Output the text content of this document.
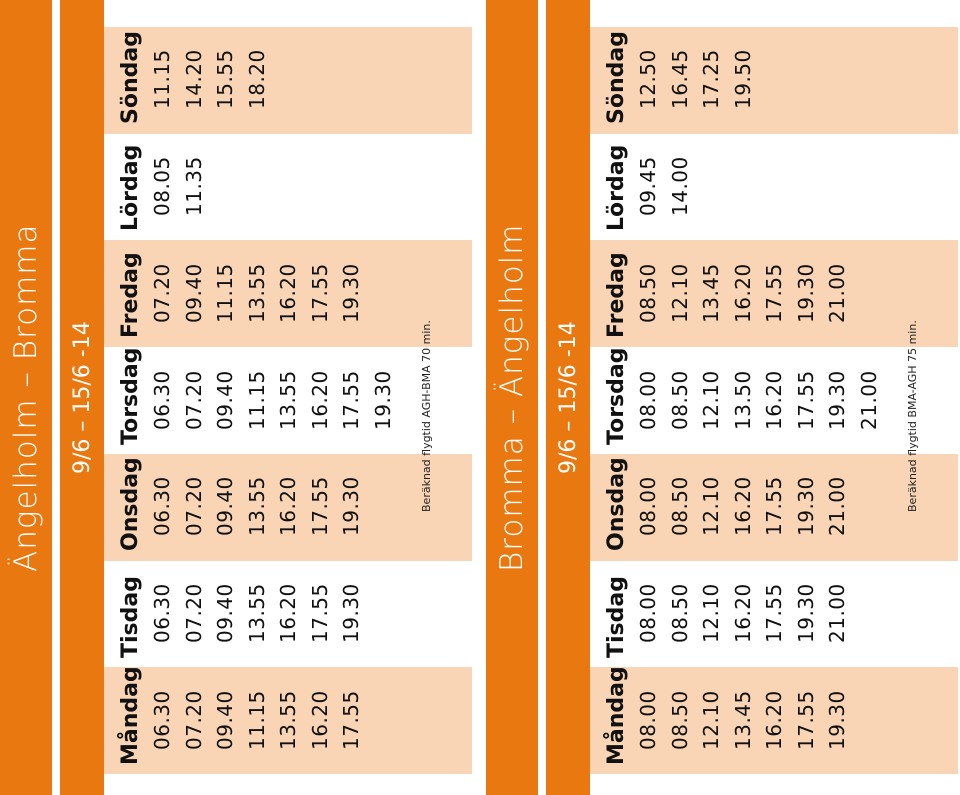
Ängelholm – Bromma 9/6 – 15/6 -14
Måndag 06.30 07.20 09.40 11.15 13.55 16.20 17.55
Tisdag 06.30 07.20 09.40 13.55 16.20 17.55 19.30
Onsdag 06.30 07.20 09.40 13.55 16.20 17.55 19.30
Torsdag 06.30 07.20 09.40 11.15 13.55 16.20 17.55 19.30
Fredag 07.20 09.40 11.15 13.55 16.20 17.55 19.30
Lördag 08.05 11.35
Söndag 11.15 14.20 15.55 18.20
Beräknad flygtid AGH-BMA 70 min. Bromma – Ängelholm 9/6 – 15/6 -14
Måndag 08.00 08.50 12.10 13.45 16.20 17.55 19.30
Tisdag 08.00 08.50 12.10 16.20 17.55 19.30 21.00
Onsdag 08.00 08.50 12.10 16.20 17.55 19.30 21.00
Torsdag 08.00 08.50 12.10 13.50 16.20 17.55 19.30 21.00
Fredag 08.50 12.10 13.45 16.20 17.55 19.30 21.00
Lördag 09.45 14.00
Söndag 12.50 16.45 17.25 19.50
Beräknad flygtid BMA-AGH 75 min.
